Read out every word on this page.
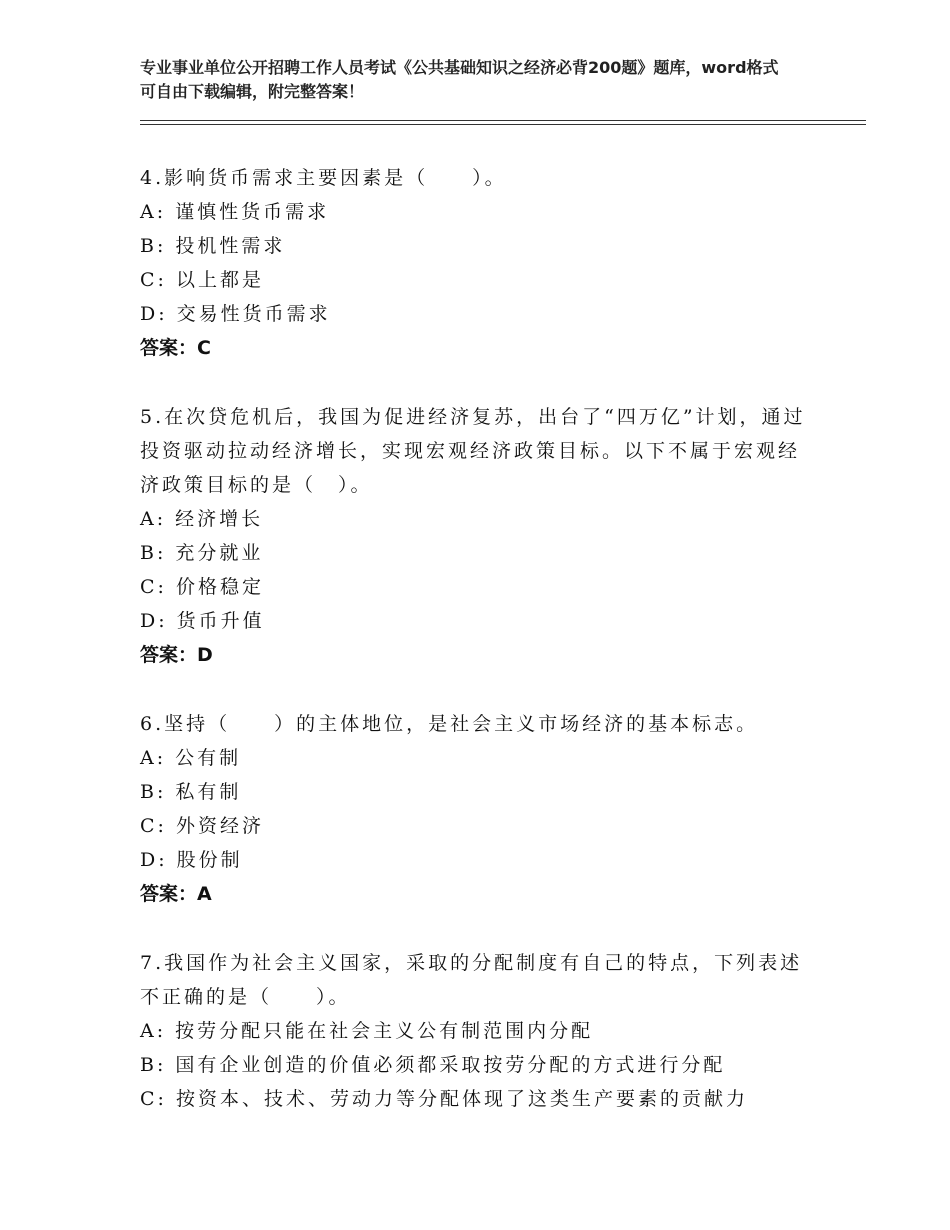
专业事业单位公开招聘工作人员考试《公共基础知识之经济必背200题》题库，word格式可自由下载编辑，附完整答案！

4.影响货币需求主要因素是（　　）。

A: 谨慎性货币需求

B: 投机性需求

C: 以上都是

D: 交易性货币需求

答案：C

5.在次贷危机后，我国为促进经济复苏，出台了“四万亿”计划，通过投资驱动拉动经济增长，实现宏观经济政策目标。以下不属于宏观经济政策目标的是（　）。

A: 经济增长

B: 充分就业

C: 价格稳定

D: 货币升值

答案：D

6.坚持（　　）的主体地位，是社会主义市场经济的基本标志。

A: 公有制

B: 私有制

C: 外资经济

D: 股份制

答案：A

7.我国作为社会主义国家，采取的分配制度有自己的特点，下列表述不正确的是（　　）。

A: 按劳分配只能在社会主义公有制范围内分配

B: 国有企业创造的价值必须都采取按劳分配的方式进行分配

C: 按资本、技术、劳动力等分配体现了这类生产要素的贡献力
